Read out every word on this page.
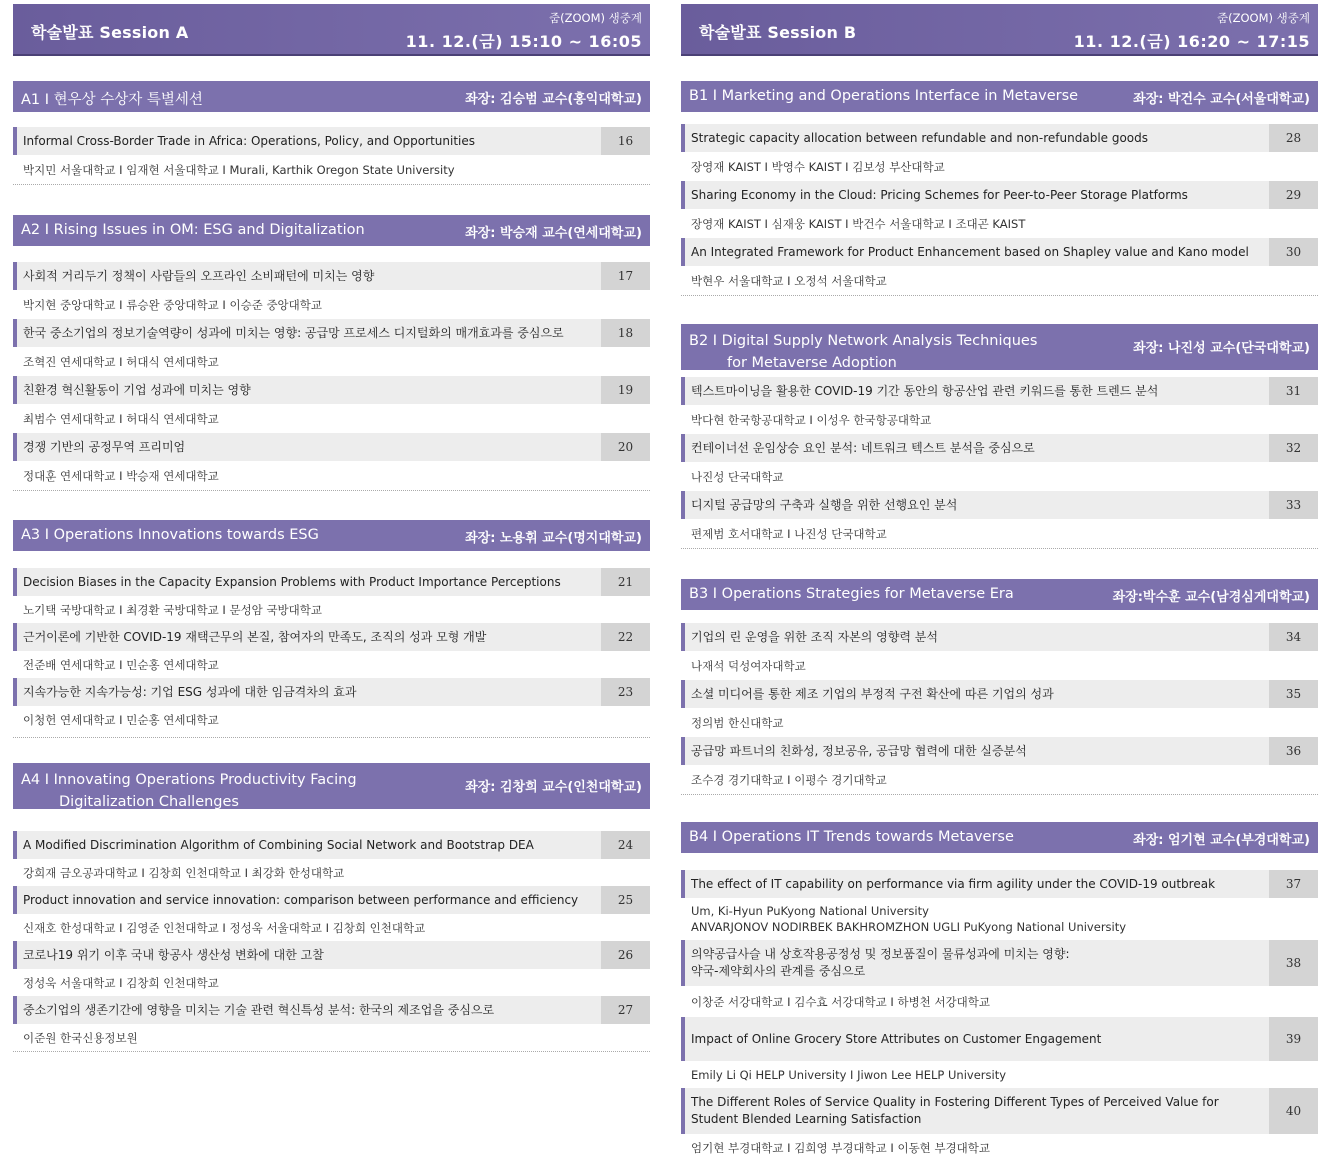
학술발표 Session A
줌(ZOOM) 생중계
11. 12.(금) 15:10 ~ 16:05
A1 I 현우상 수상자 특별세션	좌장: 김승범 교수(홍익대학교)
Informal Cross-Border Trade in Africa: Operations, Policy, and Opportunities	16
박지민 서울대학교 I 임재현 서울대학교 I Murali, Karthik Oregon State University
A2 I Rising Issues in OM: ESG and Digitalization	좌장: 박승재 교수(연세대학교)
사회적 거리두기 정책이 사람들의 오프라인 소비패턴에 미치는 영향	17
박지현 중앙대학교 I 류승완 중앙대학교 I 이승준 중앙대학교
한국 중소기업의 정보기술역량이 성과에 미치는 영향: 공급망 프로세스 디지털화의 매개효과를 중심으로	18
조혁진 연세대학교 I 허대식 연세대학교
친환경 혁신활동이 기업 성과에 미치는 영향	19
최범수 연세대학교 I 허대식 연세대학교
경쟁 기반의 공정무역 프리미엄	20
정대훈 연세대학교 I 박승재 연세대학교
A3 I Operations Innovations towards ESG	좌장: 노용휘 교수(명지대학교)
Decision Biases in the Capacity Expansion Problems with Product Importance Perceptions	21
노기택 국방대학교 I 최경환 국방대학교 I 문성암 국방대학교
근거이론에 기반한 COVID-19 재택근무의 본질, 참여자의 만족도, 조직의 성과 모형 개발	22
전준배 연세대학교 I 민순홍 연세대학교
지속가능한 지속가능성: 기업 ESG 성과에 대한 임금격차의 효과	23
이청헌 연세대학교 I 민순홍 연세대학교
A4 I Innovating Operations Productivity Facing
Digitalization Challenges
좌장: 김창희 교수(인천대학교)
A Modified Discrimination Algorithm of Combining Social Network and Bootstrap DEA	24
강희재 금오공과대학교 I 김창희 인천대학교 I 최강화 한성대학교
Product innovation and service innovation: comparison between performance and efficiency	25
신재호 한성대학교 I 김영준 인천대학교 I 정성욱 서울대학교 I 김창희 인천대학교
코로나19 위기 이후 국내 항공사 생산성 변화에 대한 고찰	26
정성욱 서울대학교 I 김창희 인천대학교
중소기업의 생존기간에 영향을 미치는 기술 관련 혁신특성 분석: 한국의 제조업을 중심으로	27
이준원 한국신용정보원
학술발표 Session B
줌(ZOOM) 생중계
11. 12.(금) 16:20 ~ 17:15
B1 I Marketing and Operations Interface in Metaverse	좌장: 박건수 교수(서울대학교)
Strategic capacity allocation between refundable and non-refundable goods	28
장영재 KAIST I 박영수 KAIST I 김보성 부산대학교
Sharing Economy in the Cloud: Pricing Schemes for Peer-to-Peer Storage Platforms	29
장영재 KAIST I 심재웅 KAIST I 박건수 서울대학교 I 조대곤 KAIST
An Integrated Framework for Product Enhancement based on Shapley value and Kano model	30
박현우 서울대학교 I 오정석 서울대학교
B2 I Digital Supply Network Analysis Techniques
for Metaverse Adoption
좌장: 나진성 교수(단국대학교)
텍스트마이닝을 활용한 COVID-19 기간 동안의 항공산업 관련 키워드를 통한 트렌드 분석	31
박다현 한국항공대학교 I 이성우 한국항공대학교
컨테이너선 운임상승 요인 분석: 네트워크 텍스트 분석을 중심으로	32
나진성 단국대학교
디지털 공급망의 구축과 실행을 위한 선행요인 분석	33
편제범 호서대학교 I 나진성 단국대학교
B3 I Operations Strategies for Metaverse Era	좌장:박수훈 교수(남경심게대학교)
기업의 린 운영을 위한 조직 자본의 영향력 분석	34
나재석 덕성여자대학교
소셜 미디어를 통한 제조 기업의 부정적 구전 확산에 따른 기업의 성과	35
정의범 한신대학교
공급망 파트너의 친화성, 정보공유, 공급망 협력에 대한 실증분석	36
조수경 경기대학교 I 이평수 경기대학교
B4 I Operations IT Trends towards Metaverse	좌장: 엄기현 교수(부경대학교)
The effect of IT capability on performance via firm agility under the COVID-19 outbreak	37
Um, Ki-Hyun PuKyong National University
ANVARJONOV NODIRBEK BAKHROMZHON UGLI PuKyong National University
의약공급사슬 내 상호작용공정성 및 정보품질이 물류성과에 미치는 영향:
약국-제약회사의 관계를 중심으로
38
이창준 서강대학교 I 김수효 서강대학교 I 하병천 서강대학교
Impact of Online Grocery Store Attributes on Customer Engagement	39
Emily Li Qi HELP University I Jiwon Lee HELP University
The Different Roles of Service Quality in Fostering Different Types of Perceived Value for
Student Blended Learning Satisfaction
40
엄기현 부경대학교 I 김희영 부경대학교 I 이동현 부경대학교
